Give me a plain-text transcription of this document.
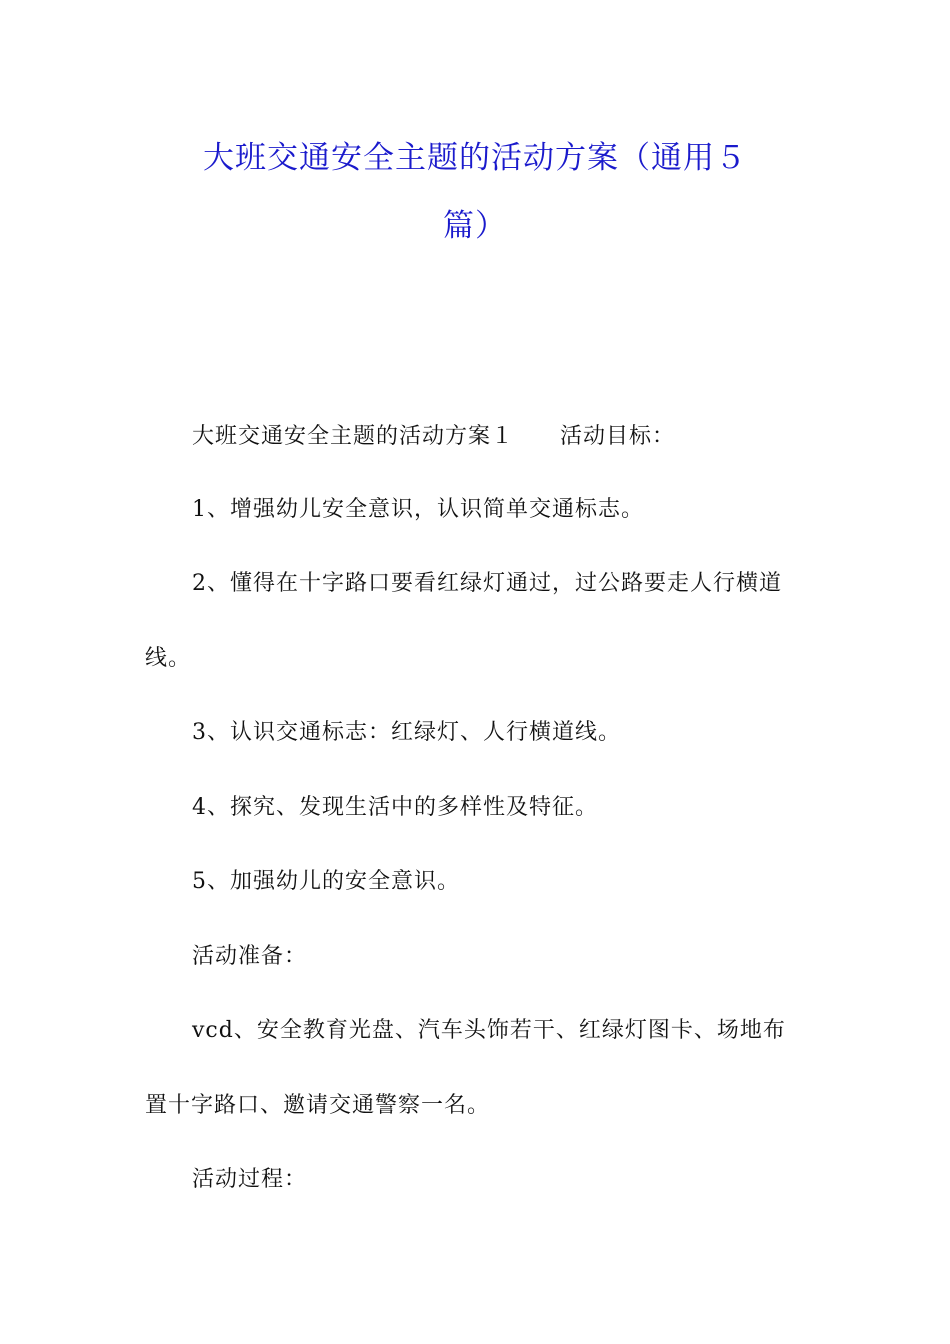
大班交通安全主题的活动方案（通用５
篇）
大班交通安全主题的活动方案１ 活动目标：
1、增强幼儿安全意识，认识简单交通标志。
2、懂得在十字路口要看红绿灯通过，过公路要走人行横道
线。
3、认识交通标志：红绿灯、人行横道线。
4、探究、发现生活中的多样性及特征。
5、加强幼儿的安全意识。
活动准备：
vcd、安全教育光盘、汽车头饰若干、红绿灯图卡、场地布
置十字路口、邀请交通警察一名。
活动过程：
